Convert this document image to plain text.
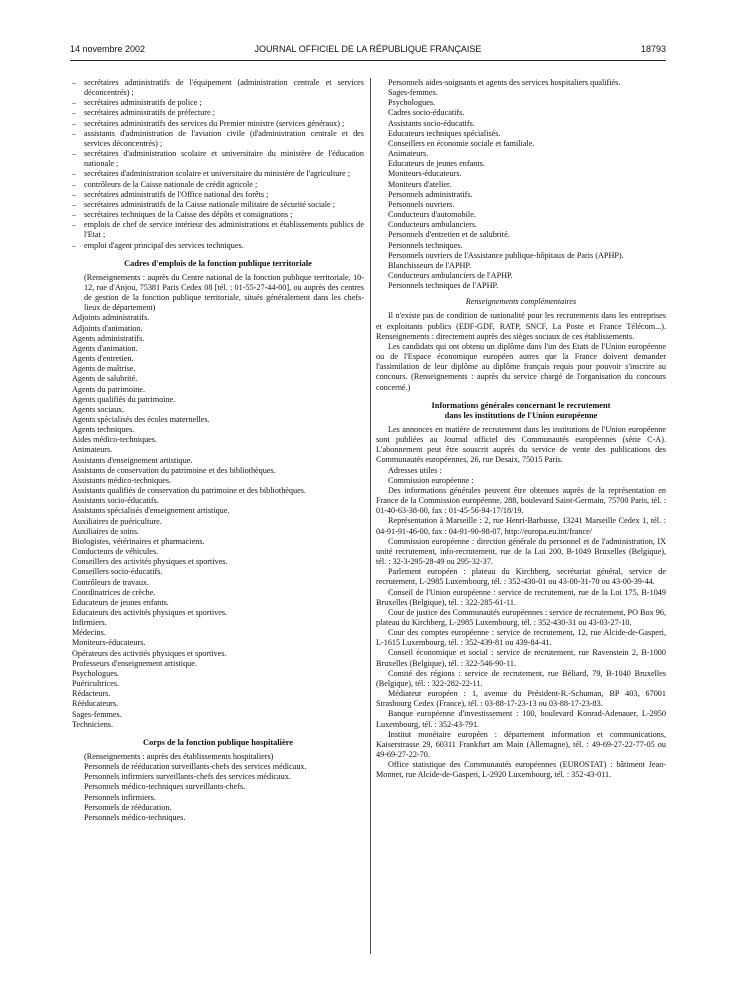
14 novembre 2002	JOURNAL OFFICIEL DE LA RÉPUBLIQUE FRANÇAISE	18793
– secrétaires administratifs de l'équipement (administration centrale et services déconcentrés) ;
– secrétaires administratifs de police ;
– secrétaires administratifs de préfecture ;
– secrétaires administratifs des services du Premier ministre (services généraux) ;
– assistants d'administration de l'aviation civile (d'administration centrale et des services déconcentrés) ;
– secrétaires d'administration scolaire et universitaire du ministère de l'éducation nationale ;
– secrétaires d'administration scolaire et universitaire du ministère de l'agriculture ;
– contrôleurs de la Caisse nationale de crédit agricole ;
– secrétaires administratifs de l'Office national des forêts ;
– secrétaires administratifs de la Caisse nationale militaire de sécurité sociale ;
– secrétaires techniques de la Caisse des dépôts et consignations ;
– emplois de chef de service intérieur des administrations et établissements publics de l'Etat ;
– emploi d'agent principal des services techniques.
Cadres d'emplois de la fonction publique territoriale
(Renseignements : auprès du Centre national de la fonction publique territoriale, 10-12, rue d'Anjou, 75381 Paris Cedex 08 [tél. : 01-55-27-44-00], ou auprès des centres de gestion de la fonction publique territoriale, situés généralement dans les chefs-lieux de département)
Adjoints administratifs.
Adjoints d'animation.
Agents administratifs.
Agents d'animation.
Agents d'entretien.
Agents de maîtrise.
Agents de salubrité.
Agents du patrimoine.
Agents qualifiés du patrimoine.
Agents sociaux.
Agents spécialisés des écoles maternelles.
Agents techniques.
Aides médico-techniques.
Animateurs.
Assistants d'enseignement artistique.
Assistants de conservation du patrimoine et des bibliothèques.
Assistants médico-techniques.
Assistants qualifiés de conservation du patrimoine et des bibliothèques.
Assistants socio-éducatifs.
Assistants spécialisés d'enseignement artistique.
Auxiliaires de puériculture.
Auxiliaires de soins.
Biologistes, vétérinaires et pharmaciens.
Conducteurs de véhicules.
Conseillers des activités physiques et sportives.
Conseillers socio-éducatifs.
Contrôleurs de travaux.
Coordinatrices de crèche.
Educateurs de jeunes enfants.
Educateurs des activités physiques et sportives.
Infirmiers.
Médecins.
Moniteurs-éducateurs.
Opérateurs des activités physiques et sportives.
Professeurs d'enseignement artistique.
Psychologues.
Puéricultrices.
Rédacteurs.
Rééducateurs.
Sages-femmes.
Techniciens.
Corps de la fonction publique hospitalière
(Renseignements : auprès des établissements hospitaliers)
Personnels de rééducation surveillants-chefs des services médicaux.
Personnels infirmiers surveillants-chefs des services médicaux.
Personnels médico-techniques surveillants-chefs.
Personnels infirmiers.
Personnels de rééducation.
Personnels médico-techniques.
Personnels aides-soignants et agents des services hospitaliers qualifiés.
Sages-femmes.
Psychologues.
Cadres socio-éducatifs.
Assistants socio-éducatifs.
Educateurs techniques spécialisés.
Conseillers en économie sociale et familiale.
Animateurs.
Educateurs de jeunes enfants.
Moniteurs-éducateurs.
Moniteurs d'atelier.
Personnels administratifs.
Personnels ouvriers.
Conducteurs d'automobile.
Conducteurs ambulanciers.
Personnels d'entretien et de salubrité.
Personnels techniques.
Personnels ouvriers de l'Assistance publique-hôpitaux de Paris (APHP).
Blanchisseurs de l'APHP.
Conducteurs ambulanciers de l'APHP.
Personnels techniques de l'APHP.
Renseignements complémentaires
Il n'existe pas de condition de nationalité pour les recrutements dans les entreprises et exploitants publics (EDF-GDF, RATP, SNCF, La Poste et France Télécom...). Renseignements : directement auprès des sièges sociaux de ces établissements.
Les candidats qui ont obtenu un diplôme dans l'un des Etats de l'Union européenne ou de l'Espace économique européen autres que la France doivent demander l'assimilation de leur diplôme au diplôme français requis pour pouvoir s'inscrire au concours. (Renseignements : auprès du service chargé de l'organisation du concours concerné.)
Informations générales concernant le recrutement
dans les institutions de l'Union européenne
Les annonces en matière de recrutement dans les institutions de l'Union européenne sont publiées au Journal officiel des Communautés européennes (série C-A). L'abonnement peut être souscrit auprès du service de vente des publications des Communautés européennes, 26, rue Desaix, 75015 Paris.
Adresses utiles :
Commission européenne :
Des informations générales peuvent être obtenues auprès de la représentation en France de la Commission européenne, 288, boulevard Saint-Germain, 75700 Paris, tél. : 01-40-63-38-00, fax : 01-45-56-94-17/18/19.
Représentation à Marseille : 2, rue Henri-Barbusse, 13241 Marseille Cedex 1, tél. : 04-91-91-46-00, fax : 04-91-90-98-07, http://europa.eu.int/france/
Commission européenne : direction générale du personnel et de l'administration, IX unité recrutement, info-recrutement, rue de la Loi 200, B-1049 Bruxelles (Belgique), tél. : 32-3-295-28-49 ou 295-32-37.
Parlement européen : plateau du Kirchberg, secrétariat général, service de recrutement, L-2985 Luxembourg, tél. : 352-430-01 ou 43-00-31-70 ou 43-00-39-44.
Conseil de l'Union européenne : service de recrutement, rue de la Loi 175, B-1049 Bruxelles (Belgique), tél. : 322-285-61-11.
Cour de justice des Communautés européennes : service de recrutement, PO Box 96, plateau du Kirchberg, L-2985 Luxembourg, tél. : 352-430-31 ou 43-03-27-10.
Cour des comptes européenne : service de recrutement, 12, rue Alcide-de-Gasperi, L-1615 Luxembourg, tél. : 352-439-81 ou 439-84-41.
Conseil économique et social : service de recrutement, rue Ravenstein 2, B-1000 Bruxelles (Belgique), tél. : 322-546-90-11.
Comité des régions : service de recrutement, rue Béliard, 79, B-1040 Bruxelles (Belgique), tél. : 322-282-22-11.
Médiateur européen : 1, avenue du Président-R.-Schuman, BP 403, 67001 Strasbourg Cedex (France), tél. : 03-88-17-23-13 ou 03-88-17-23-83.
Banque européenne d'investissement : 100, boulevard Konrad-Adenauer, L-2950 Luxembourg, tél. : 352-43-791.
Institut monétaire européen : département information et communications, Kaiserstrasse 29, 60311 Frankfurt am Main (Allemagne), tél. : 49-69-27-22-77-05 ou 49-69-27-22-70.
Office statistique des Communautés européennes (EUROSTAT) : bâtiment Jean-Monnet, rue Alcide-de-Gasperi, L-2920 Luxembourg, tél. : 352-43-011.
